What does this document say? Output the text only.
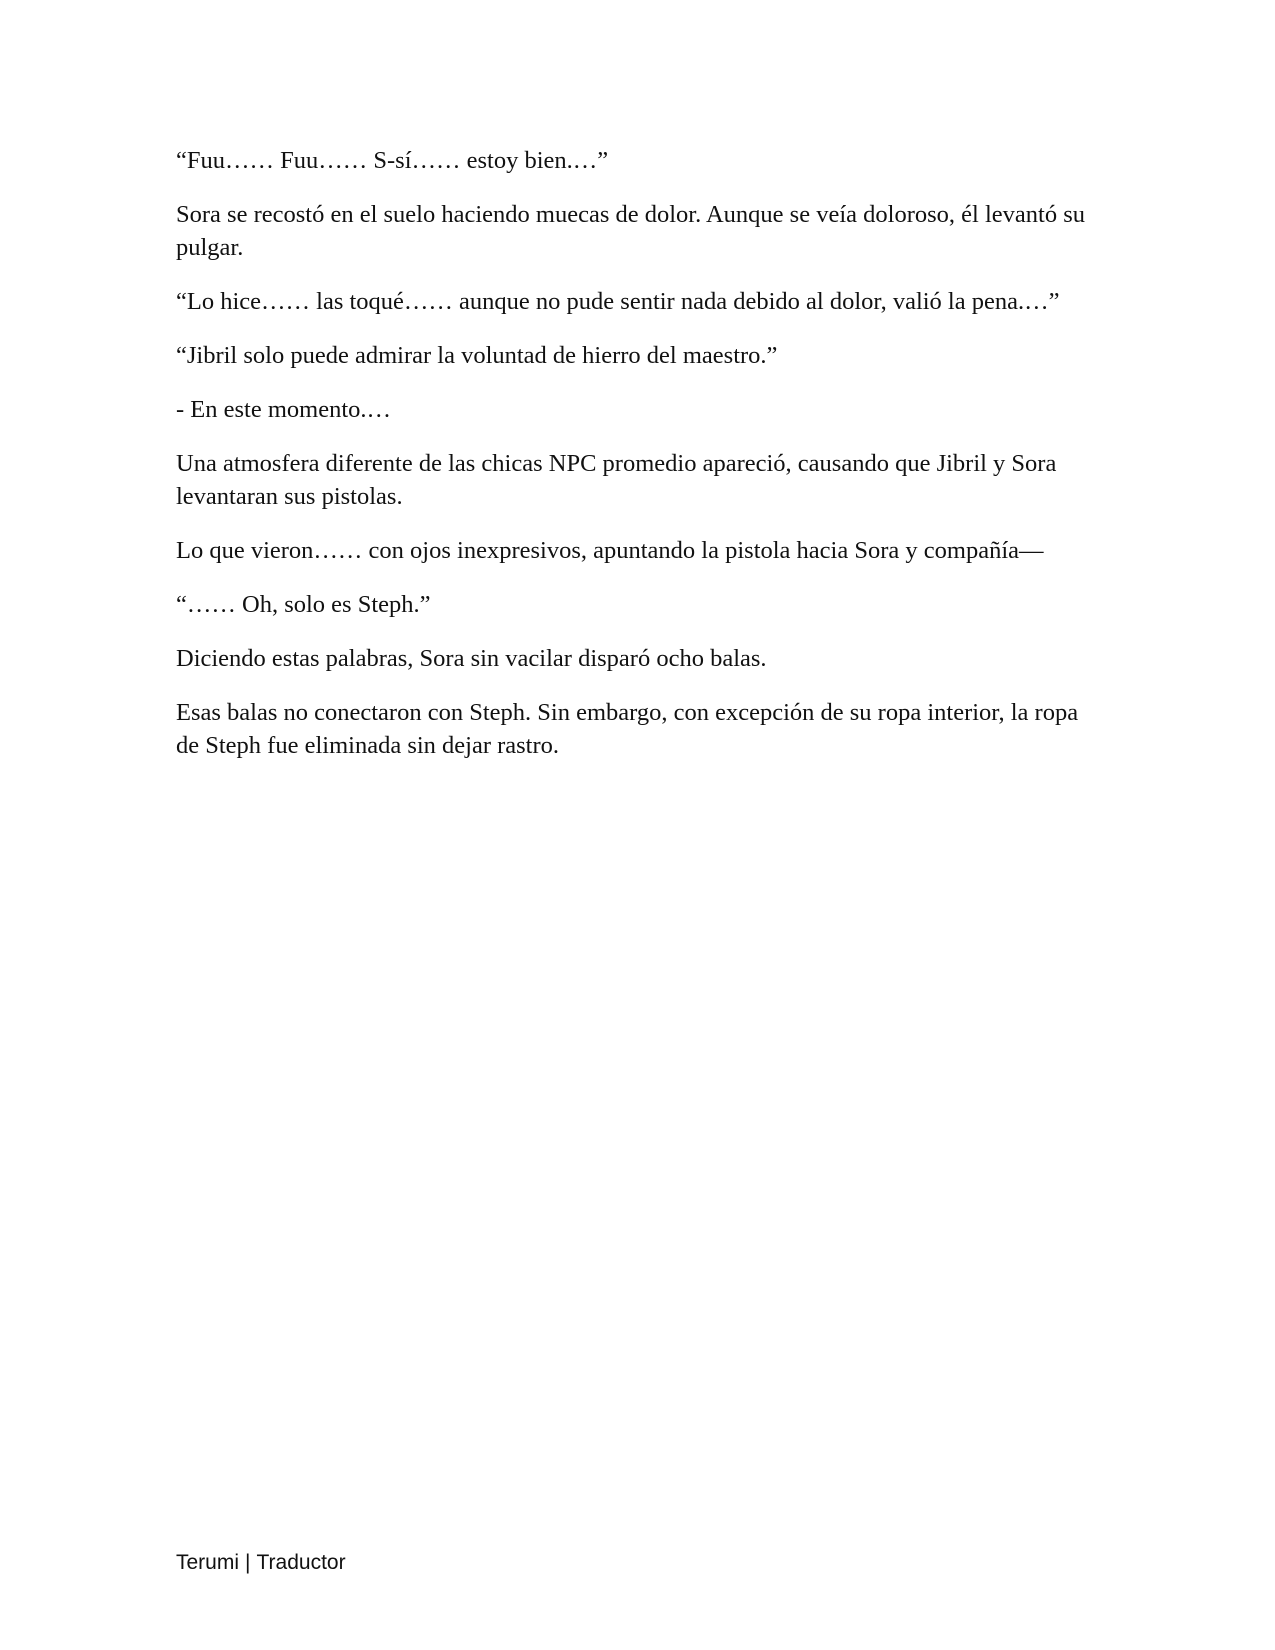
“Fuu…… Fuu…… S-sí…… estoy bien.…”

Sora se recostó en el suelo haciendo muecas de dolor. Aunque se veía doloroso, él levantó su pulgar.

“Lo hice…… las toqué…… aunque no pude sentir nada debido al dolor, valió la pena.…”

“Jibril solo puede admirar la voluntad de hierro del maestro.”

- En este momento.…

Una atmosfera diferente de las chicas NPC promedio apareció, causando que Jibril y Sora levantaran sus pistolas.

Lo que vieron…… con ojos inexpresivos, apuntando la pistola hacia Sora y compañía—

“…… Oh, solo es Steph.”

Diciendo estas palabras, Sora sin vacilar disparó ocho balas.

Esas balas no conectaron con Steph. Sin embargo, con excepción de su ropa interior, la ropa de Steph fue eliminada sin dejar rastro.

Terumi | Traductor
